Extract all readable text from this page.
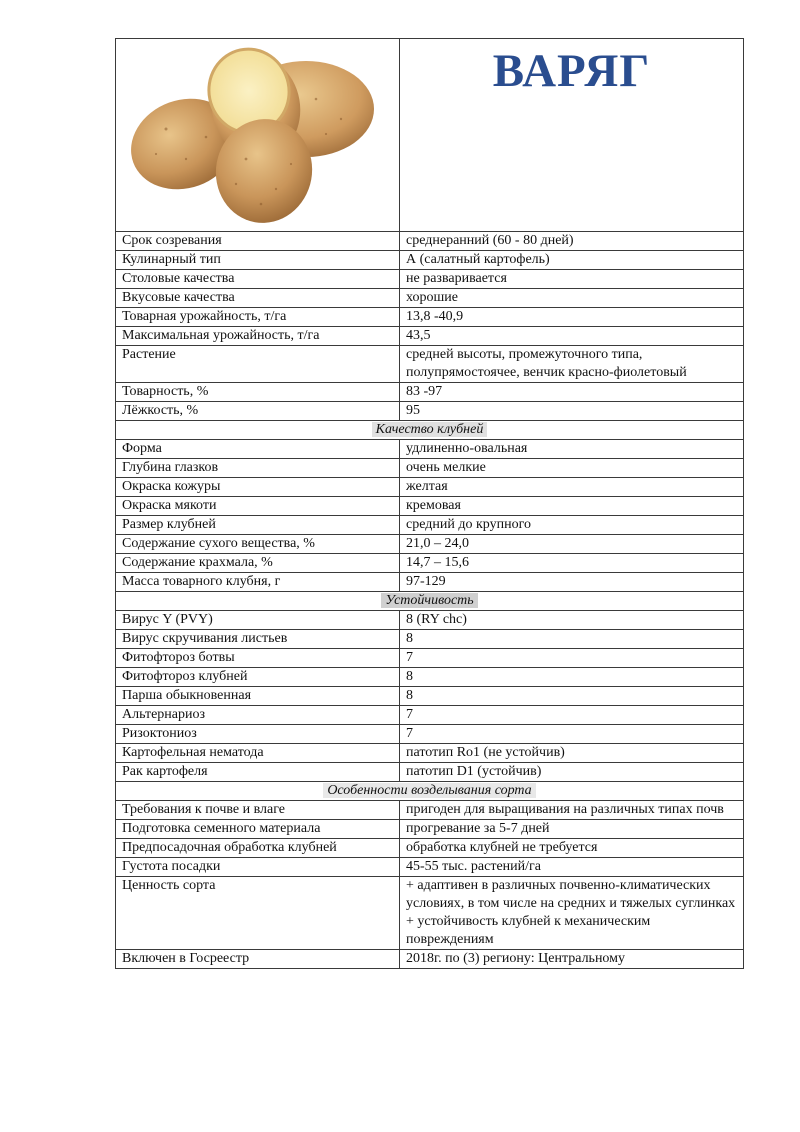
ВАРЯГ

Срок созревания	среднеранний (60 - 80 дней)
Кулинарный тип	А (салатный картофель)
Столовые качества	не разваривается
Вкусовые качества	хорошие
Товарная урожайность, т/га	13,8 -40,9
Максимальная урожайность, т/га	43,5
Растение	средней высоты, промежуточного типа, полупрямостоячее, венчик красно-фиолетовый
Товарность, %	83 -97
Лёжкость, %	95
Качество клубней	
Форма	удлиненно-овальная
Глубина глазков	очень мелкие
Окраска кожуры	желтая
Окраска мякоти	кремовая
Размер клубней	средний до крупного
Содержание сухого вещества, %	21,0 – 24,0
Содержание крахмала, %	14,7 – 15,6
Масса товарного клубня, г	97-129
Устойчивость	
Вирус Y (PVY)	8 (RY chc)
Вирус скручивания листьев	8
Фитофтороз ботвы	7
Фитофтороз клубней	8
Парша обыкновенная	8
Альтернариоз	7
Ризоктониоз	7
Картофельная нематода	патотип Ro1 (не устойчив)
Рак картофеля	патотип D1 (устойчив)
Особенности возделывания сорта	
Требования к почве и влаге	пригоден для выращивания на различных типах почв
Подготовка семенного материала	прогревание за 5-7 дней
Предпосадочная обработка клубней	обработка клубней не требуется
Густота посадки	45-55 тыс. растений/га
Ценность сорта	+ адаптивен в различных почвенно-климатических условиях, в том числе на средних и тяжелых суглинках
+ устойчивость клубней к механическим повреждениям
Включен в Госреестр	2018г. по (3) региону: Центральному
